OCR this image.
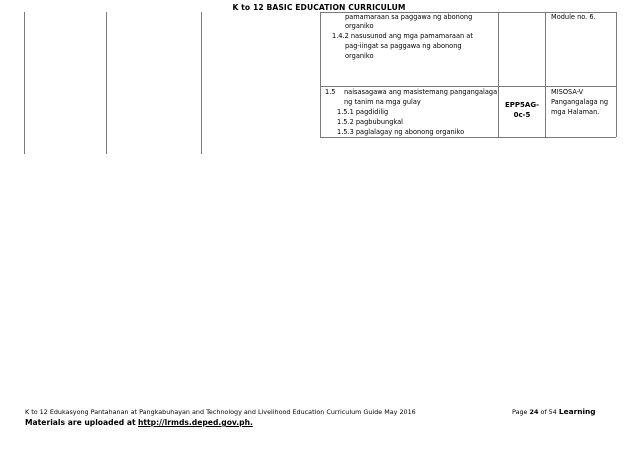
K to 12 BASIC EDUCATION CURRICULUM
pamamaraan sa paggawa ng abonong
organiko
1.4.2 nasusunod ang mga pamamaraan at
pag-iingat sa paggawa ng abonong
organiko
Module no. 6.
1.5 naisasagawa ang masistemang pangangalaga
ng tanim na mga gulay
1.5.1 pagdidilig
1.5.2 pagbubungkal
1.5.3 paglalagay ng abonong organiko
EPP5AG-
0c-5
MISOSA-V
Pangangalaga ng
mga Halaman.
K to 12 Edukasyong Pantahanan at Pangkabuhayan and Technology and Livelihood Education Curriculum Guide May 2016	Page 24 of 54 Learning
Materials are uploaded at http://lrmds.deped.gov.ph.
